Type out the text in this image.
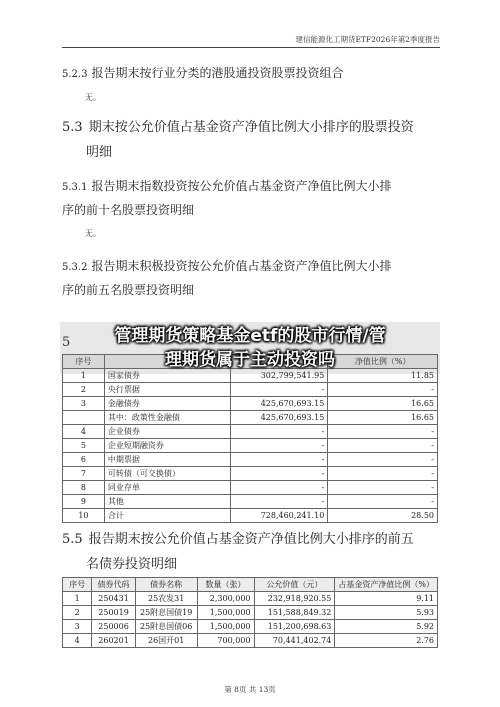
建信能源化工期货ETF2026年第2季度报告
5.2.3 报告期末按行业分类的港股通投资股票投资组合
无。
5.3 期末按公允价值占基金资产净值比例大小排序的股票投资
明细
5.3.1 报告期末指数投资按公允价值占基金资产净值比例大小排
序的前十名股票投资明细
无。
5.3.2 报告期末积极投资按公允价值占基金资产净值比例大小排
序的前五名股票投资明细
5
序号			净值比例（%）
1	国家债券	302,799,541.95	11.85
2	央行票据	-	-
3	金融债券	425,670,693.15	16.65
	其中：政策性金融债	425,670,693.15	16.65
4	企业债券	-	-
5	企业短期融资券	-	-
6	中期票据	-	-
7	可转债（可交换债）	-	-
8	同业存单	-	-
9	其他	-	-
10	合计	728,460,241.10	28.50
管理期货策略基金etf的股市行情/管
理期货属于主动投资吗
5.5 报告期末按公允价值占基金资产净值比例大小排序的前五
名债券投资明细
序号	债券代码	债券名称	数量（张）	公允价值（元）	占基金资产净值比例（%）
1	250431	25农发31	2,300,000	232,918,920.55	9.11
2	250019	25附息国债19	1,500,000	151,588,849.32	5.93
3	250006	25附息国债06	1,500,000	151,200,698.63	5.92
4	260201	26国开01	700,000	70,441,402.74	2.76
第 8页 共 13页
